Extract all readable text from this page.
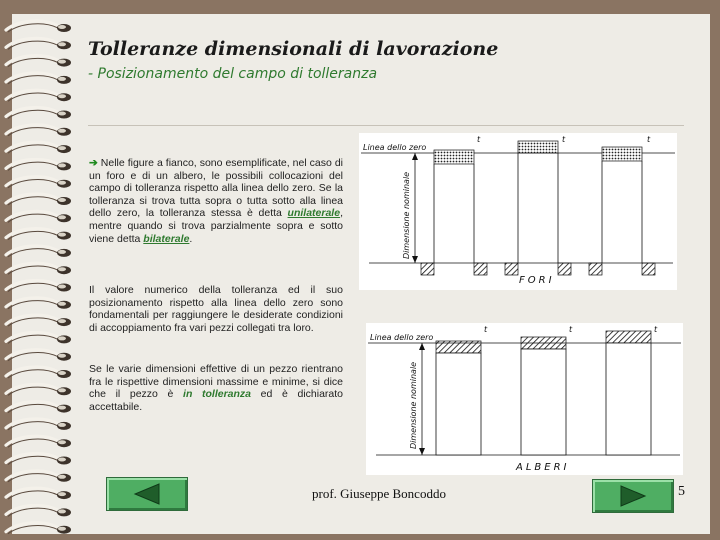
Tolleranze dimensionali di lavorazione
- Posizionamento del campo di tolleranza
➔ Nelle figure a fianco, sono esemplificate, nel caso di un foro e di un albero, le possibili collocazioni del campo di tolleranza rispetto alla linea dello zero. Se la tolleranza si trova tutta sopra o tutta sotto alla linea dello zero, la tolleranza stessa è detta unilaterale, mentre quando si trova parzialmente sopra e sotto viene detta bilaterale.
Il valore numerico della tolleranza ed il suo posizionamento rispetto alla linea dello zero sono fondamentali per raggiungere le desiderate condizioni di accoppiamento fra vari pezzi collegati tra loro.
Se le varie dimensioni effettive di un pezzo rientrano fra le rispettive dimensioni massime e minime, si dice che il pezzo è in tolleranza ed è dichiarato accettabile.
Linea dello zero
Dimensione nominale
t	t	t
FORI
Linea dello zero
Dimensione nominale
t	t	t
ALBERI
prof. Giuseppe Boncoddo	5
